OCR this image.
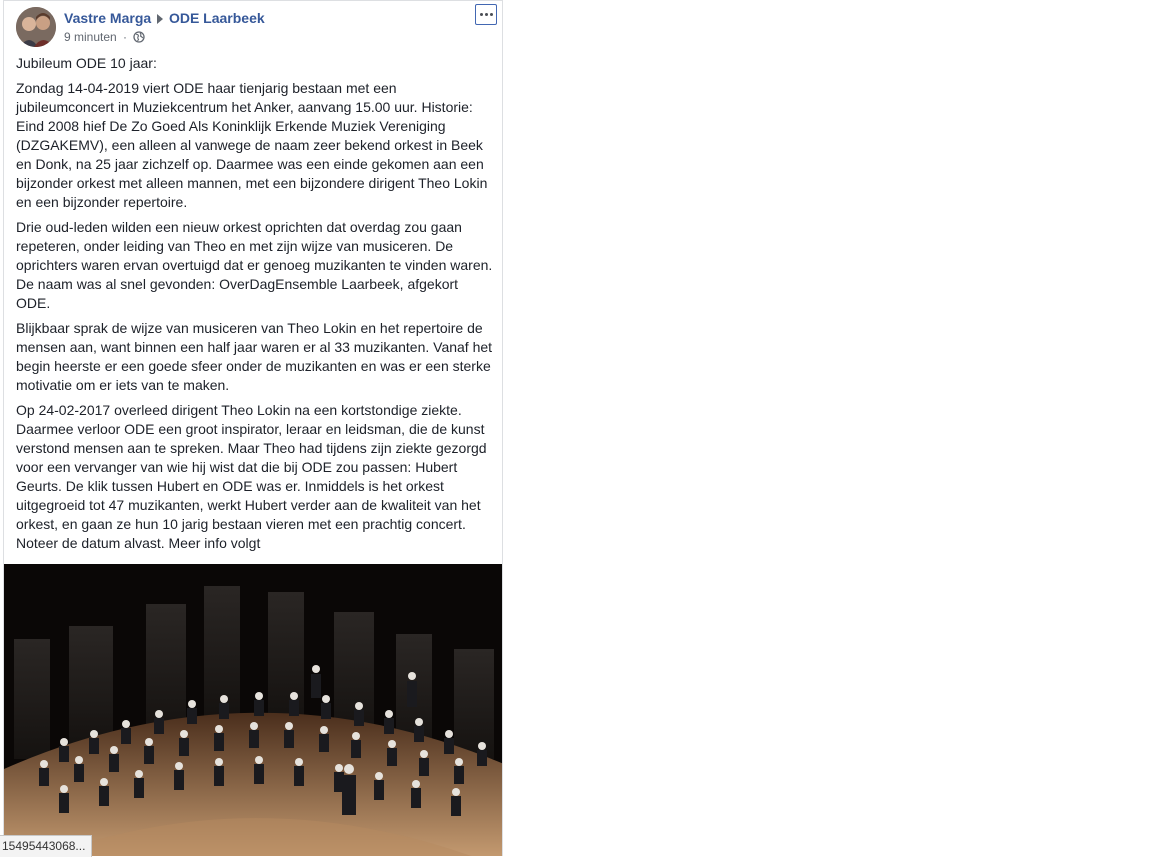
Vastre Marga ODE Laarbeek
9 minuten ·

Jubileum ODE 10 jaar:

Zondag 14-04-2019 viert ODE haar tienjarig bestaan met een jubileumconcert in Muziekcentrum het Anker, aanvang 15.00 uur. Historie: Eind 2008 hief De Zo Goed Als Koninklijk Erkende Muziek Vereniging (DZGAKEMV), een alleen al vanwege de naam zeer bekend orkest in Beek en Donk, na 25 jaar zichzelf op. Daarmee was een einde gekomen aan een bijzonder orkest met alleen mannen, met een bijzondere dirigent Theo Lokin en een bijzonder repertoire.

Drie oud-leden wilden een nieuw orkest oprichten dat overdag zou gaan repeteren, onder leiding van Theo en met zijn wijze van musiceren. De oprichters waren ervan overtuigd dat er genoeg muzikanten te vinden waren. De naam was al snel gevonden: OverDagEnsemble Laarbeek, afgekort ODE.

Blijkbaar sprak de wijze van musiceren van Theo Lokin en het repertoire de mensen aan, want binnen een half jaar waren er al 33 muzikanten. Vanaf het begin heerste er een goede sfeer onder de muzikanten en was er een sterke motivatie om er iets van te maken.

Op 24-02-2017 overleed dirigent Theo Lokin na een kortstondige ziekte. Daarmee verloor ODE een groot inspirator, leraar en leidsman, die de kunst verstond mensen aan te spreken. Maar Theo had tijdens zijn ziekte gezorgd voor een vervanger van wie hij wist dat die bij ODE zou passen: Hubert Geurts. De klik tussen Hubert en ODE was er. Inmiddels is het orkest uitgegroeid tot 47 muzikanten, werkt Hubert verder aan de kwaliteit van het orkest, en gaan ze hun 10 jarig bestaan vieren met een prachtig concert. Noteer de datum alvast. Meer info volgt

15495443068...
